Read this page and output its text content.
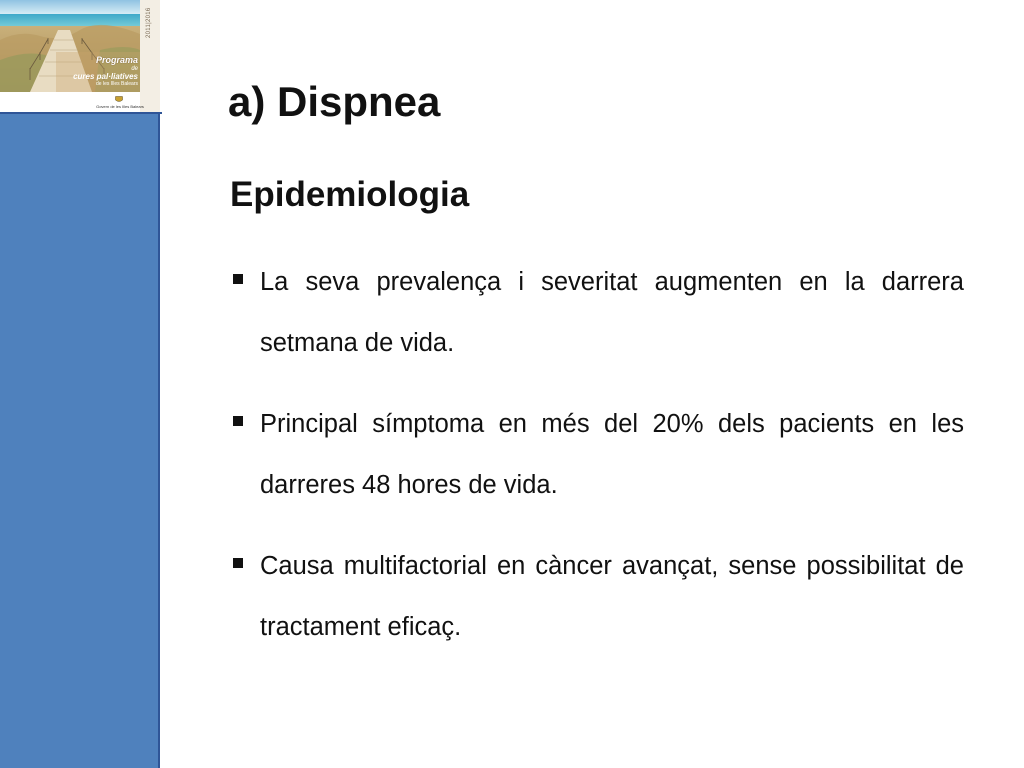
Programa
de
cures pal·liatives
de les Illes Balears
2011|2016
Govern de les Illes Balears a) Dispnea
Epidemiologia
La seva prevalença i severitat augmenten en la darrera setmana de vida.
Principal símptoma en més del 20% dels pacients en les darreres 48 hores de vida.
Causa multifactorial en càncer avançat, sense possibilitat de tractament eficaç.
